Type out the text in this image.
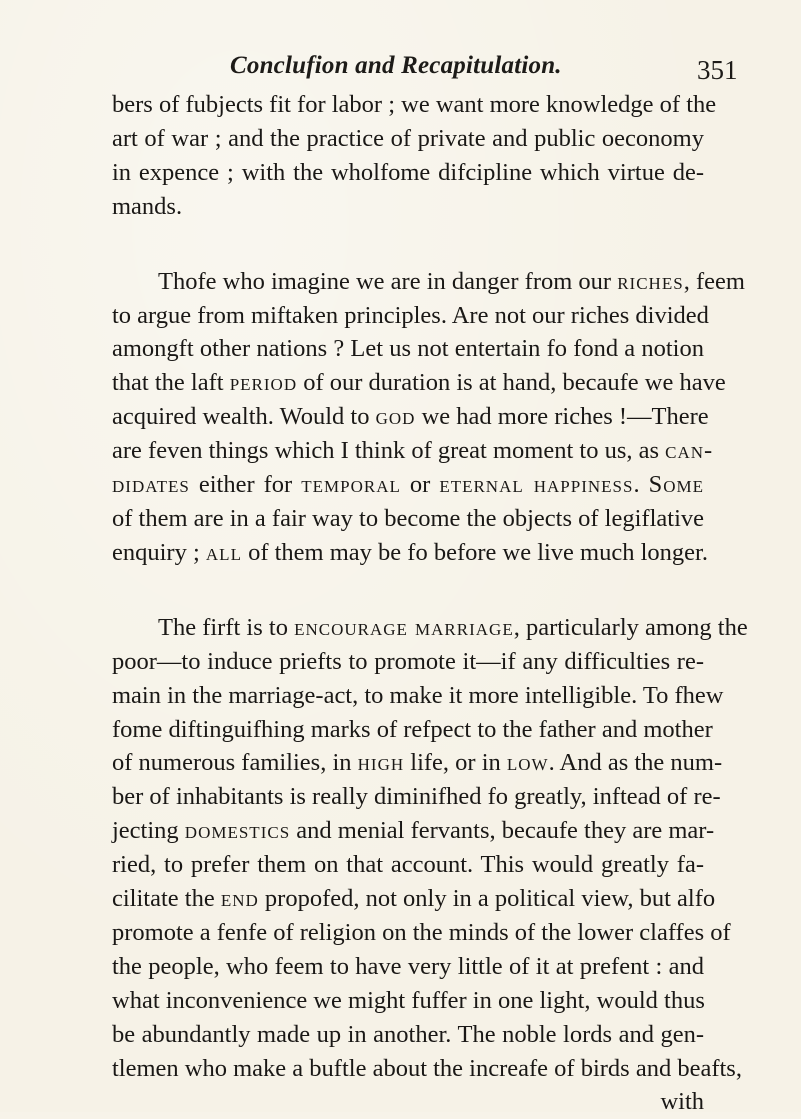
Conclufion and Recapitulation.	351
bers of fubjects fit for labor ; we want more knowledge of the
art of war ; and the practice of private and public oeconomy
in expence ; with the wholfome difcipline which virtue de-
mands.
Thofe who imagine we are in danger from our riches, feem
to argue from miftaken principles. Are not our riches divided
amongft other nations ? Let us not entertain fo fond a notion
that the laft period of our duration is at hand, becaufe we have
acquired wealth. Would to god we had more riches !—There
are feven things which I think of great moment to us, as can-
didates either for temporal or eternal happiness. Some
of them are in a fair way to become the objects of legiflative
enquiry ; all of them may be fo before we live much longer.
The firft is to encourage marriage, particularly among the
poor—to induce priefts to promote it—if any difficulties re-
main in the marriage-act, to make it more intelligible. To fhew
fome diftinguifhing marks of refpect to the father and mother
of numerous families, in high life, or in low. And as the num-
ber of inhabitants is really diminifhed fo greatly, inftead of re-
jecting domestics and menial fervants, becaufe they are mar-
ried, to prefer them on that account. This would greatly fa-
cilitate the end propofed, not only in a political view, but alfo
promote a fenfe of religion on the minds of the lower claffes of
the people, who feem to have very little of it at prefent : and
what inconvenience we might fuffer in one light, would thus
be abundantly made up in another. The noble lords and gen-
tlemen who make a buftle about the increafe of birds and beafts,
with
